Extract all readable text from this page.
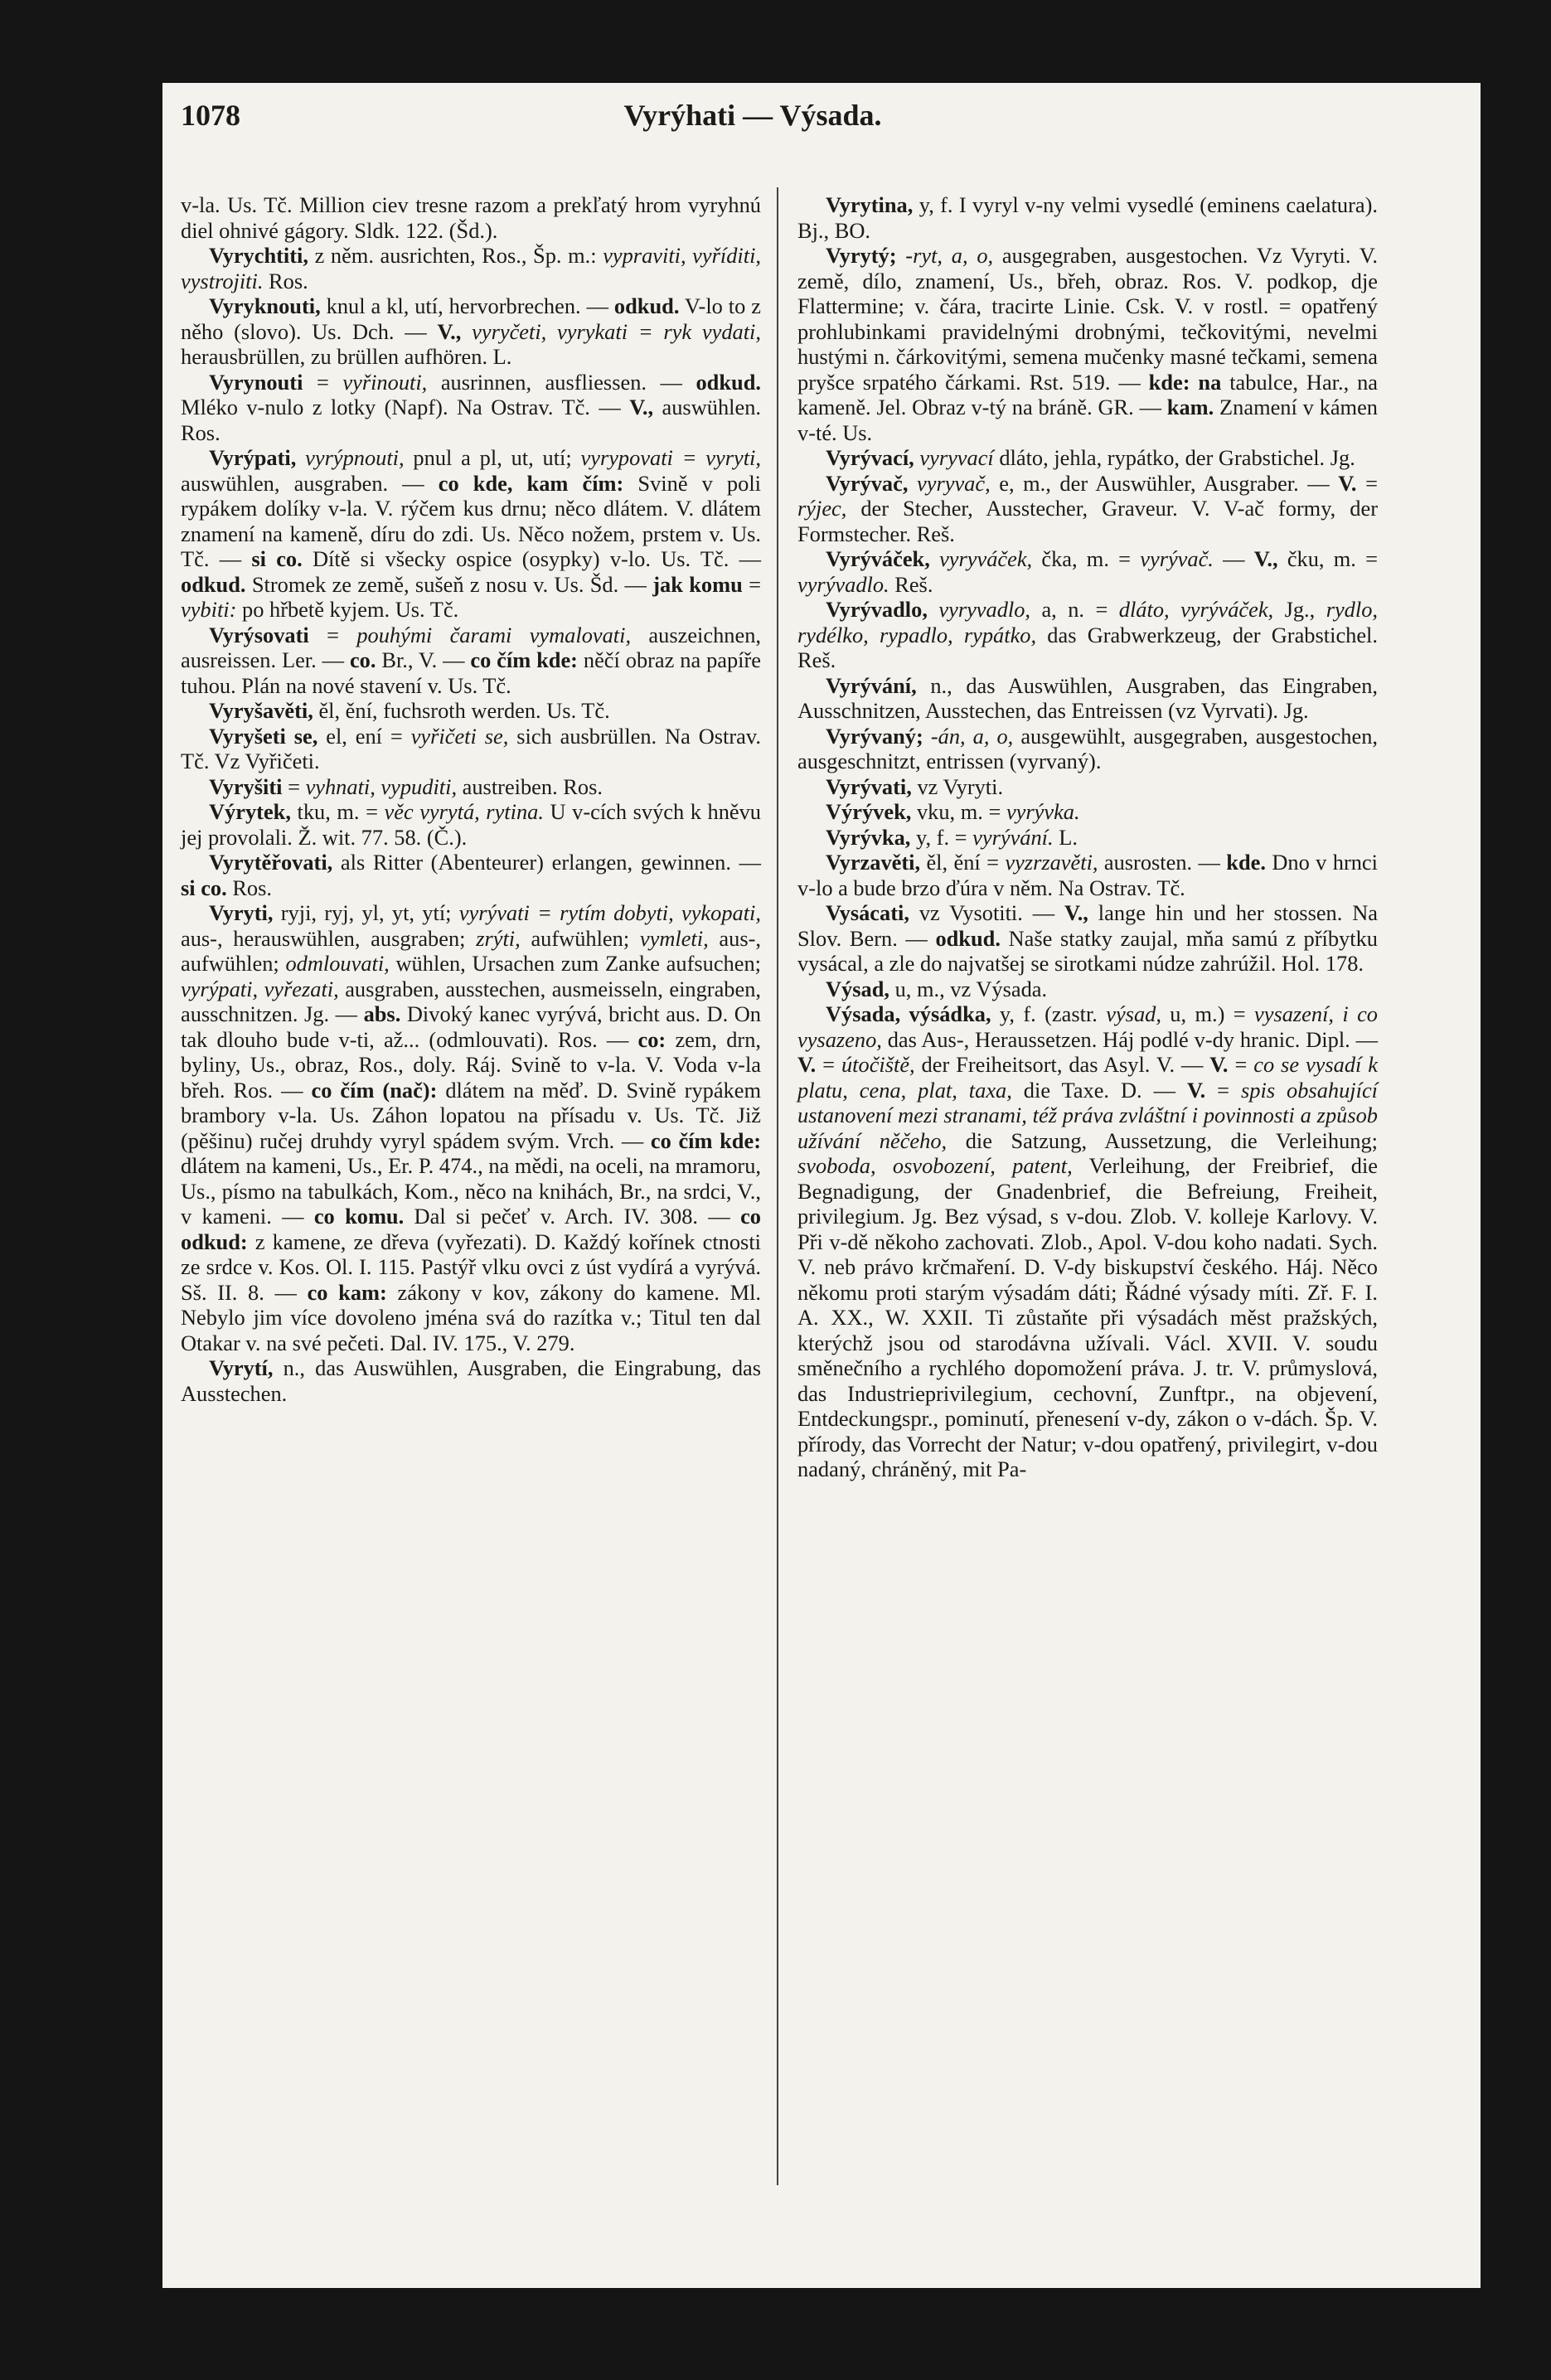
1078	Vyrýhati — Výsada.

v-la. Us. Tč. Million ciev tresne razom a prekľatý hrom vyryhnú diel ohnivé gágory. Sldk. 122. (Šd.).

Vyrychtiti, z něm. ausrichten, Ros., Šp. m.: vypraviti, vyříditi, vystrojiti. Ros.

Vyryknouti, knul a kl, utí, hervorbrechen. — odkud. V-lo to z něho (slovo). Us. Dch. — V., vyryčeti, vyrykati = ryk vydati, herausbrüllen, zu brüllen aufhören. L.

Vyrynouti = vyřinouti, ausrinnen, ausfliessen. — odkud. Mléko v-nulo z lotky (Napf). Na Ostrav. Tč. — V., auswühlen. Ros.

Vyrýpati, vyrýpnouti, pnul a pl, ut, utí; vyrypovati = vyryti, auswühlen, ausgraben. — co kde, kam čím: Svině v poli rypákem dolíky v-la. V. rýčem kus drnu; něco dlátem. V. dlátem znamení na kameně, díru do zdi. Us. Něco nožem, prstem v. Us. Tč. — si co. Dítě si všecky ospice (osypky) v-lo. Us. Tč. — odkud. Stromek ze země, sušeň z nosu v. Us. Šd. — jak komu = vybiti: po hřbetě kyjem. Us. Tč.

Vyrýsovati = pouhými čarami vymalovati, auszeichnen, ausreissen. Ler. — co. Br., V. — co čím kde: něčí obraz na papíře tuhou. Plán na nové stavení v. Us. Tč.

Vyryšavěti, ěl, ění, fuchsroth werden. Us. Tč.

Vyryšeti se, el, ení = vyřičeti se, sich ausbrüllen. Na Ostrav. Tč. Vz Vyřičeti.

Vyryšiti = vyhnati, vypuditi, austreiben. Ros.

Výrytek, tku, m. = věc vyrytá, rytina. U v-cích svých k hněvu jej provolali. Ž. wit. 77. 58. (Č.).

Vyrytěřovati, als Ritter (Abenteurer) erlangen, gewinnen. — si co. Ros.

Vyryti, ryji, ryj, yl, yt, ytí; vyrývati = rytím dobyti, vykopati, aus-, herauswühlen, ausgraben; zrýti, aufwühlen; vymleti, aus-, aufwühlen; odmlouvati, wühlen, Ursachen zum Zanke aufsuchen; vyrýpati, vyřezati, ausgraben, ausstechen, ausmeisseln, eingraben, ausschnitzen. Jg. — abs. Divoký kanec vyrývá, bricht aus. D. On tak dlouho bude v-ti, až... (odmlouvati). Ros. — co: zem, drn, byliny, Us., obraz, Ros., doly. Ráj. Svině to v-la. V. Voda v-la břeh. Ros. — co čím (nač): dlátem na měď. D. Svině rypákem brambory v-la. Us. Záhon lopatou na přísadu v. Us. Tč. Již (pěšinu) ručej druhdy vyryl spádem svým. Vrch. — co čím kde: dlátem na kameni, Us., Er. P. 474., na mědi, na oceli, na mramoru, Us., písmo na tabulkách, Kom., něco na knihách, Br., na srdci, V., v kameni. — co komu. Dal si pečeť v. Arch. IV. 308. — co odkud: z kamene, ze dřeva (vyřezati). D. Každý kořínek ctnosti ze srdce v. Kos. Ol. I. 115. Pastýř vlku ovci z úst vydírá a vyrývá. Sš. II. 8. — co kam: zákony v kov, zákony do kamene. Ml. Nebylo jim více dovoleno jména svá do razítka v.; Titul ten dal Otakar v. na své pečeti. Dal. IV. 175., V. 279.

Vyrytí, n., das Auswühlen, Ausgraben, die Eingrabung, das Ausstechen.

Vyrytina, y, f. I vyryl v-ny velmi vysedlé (eminens caelatura). Bj., BO.

Vyrytý; -ryt, a, o, ausgegraben, ausgestochen. Vz Vyryti. V. země, dílo, znamení, Us., břeh, obraz. Ros. V. podkop, dje Flattermine; v. čára, tracirte Linie. Csk. V. v rostl. = opatřený prohlubinkami pravidelnými drobnými, tečkovitými, nevelmi hustými n. čárkovitými, semena mučenky masné tečkami, semena pryšce srpatého čárkami. Rst. 519. — kde: na tabulce, Har., na kameně. Jel. Obraz v-tý na bráně. GR. — kam. Znamení v kámen v-té. Us.

Vyrývací, vyryvací dláto, jehla, rypátko, der Grabstichel. Jg.

Vyrývač, vyryvač, e, m., der Auswühler, Ausgraber. — V. = rýjec, der Stecher, Ausstecher, Graveur. V. V-ač formy, der Formstecher. Reš.

Vyrýváček, vyryváček, čka, m. = vyrývač. — V., čku, m. = vyrývadlo. Reš.

Vyrývadlo, vyryvadlo, a, n. = dláto, vyrýváček, Jg., rydlo, rydélko, rypadlo, rypátko, das Grabwerkzeug, der Grabstichel. Reš.

Vyrývání, n., das Auswühlen, Ausgraben, das Eingraben, Ausschnitzen, Ausstechen, das Entreissen (vz Vyrvati). Jg.

Vyrývaný; -án, a, o, ausgewühlt, ausgegraben, ausgestochen, ausgeschnitzt, entrissen (vyrvaný).

Vyrývati, vz Vyryti.

Výrývek, vku, m. = vyrývka.

Vyrývka, y, f. = vyrývání. L.

Vyrzavěti, ěl, ění = vyzrzavěti, ausrosten. — kde. Dno v hrnci v-lo a bude brzo ďúra v něm. Na Ostrav. Tč.

Vysácati, vz Vysotiti. — V., lange hin und her stossen. Na Slov. Bern. — odkud. Naše statky zaujal, mňa samú z příbytku vysácal, a zle do najvatšej se sirotkami núdze zahrúžil. Hol. 178.

Výsad, u, m., vz Výsada.

Výsada, výsádka, y, f. (zastr. výsad, u, m.) = vysazení, i co vysazeno, das Aus-, Heraussetzen. Háj podlé v-dy hranic. Dipl. — V. = útočiště, der Freiheitsort, das Asyl. V. — V. = co se vysadí k platu, cena, plat, taxa, die Taxe. D. — V. = spis obsahující ustanovení mezi stranami, též práva zvláštní i povinnosti a způsob užívání něčeho, die Satzung, Aussetzung, die Verleihung; svoboda, osvobození, patent, Verleihung, der Freibrief, die Begnadigung, der Gnadenbrief, die Befreiung, Freiheit, privilegium. Jg. Bez výsad, s v-dou. Zlob. V. kolleje Karlovy. V. Při v-dě někoho zachovati. Zlob., Apol. V-dou koho nadati. Sych. V. neb právo krčmaření. D. V-dy biskupství českého. Háj. Něco někomu proti starým výsadám dáti; Řádné výsady míti. Zř. F. I. A. XX., W. XXII. Ti zůstaňte při výsadách měst pražských, kterýchž jsou od starodávna užívali. Václ. XVII. V. soudu směnečního a rychlého dopomožení práva. J. tr. V. průmyslová, das Industrieprivilegium, cechovní, Zunftpr., na objevení, Entdeckungspr., pominutí, přenesení v-dy, zákon o v-dách. Šp. V. přírody, das Vorrecht der Natur; v-dou opatřený, privilegirt, v-dou nadaný, chráněný, mit Pa-
